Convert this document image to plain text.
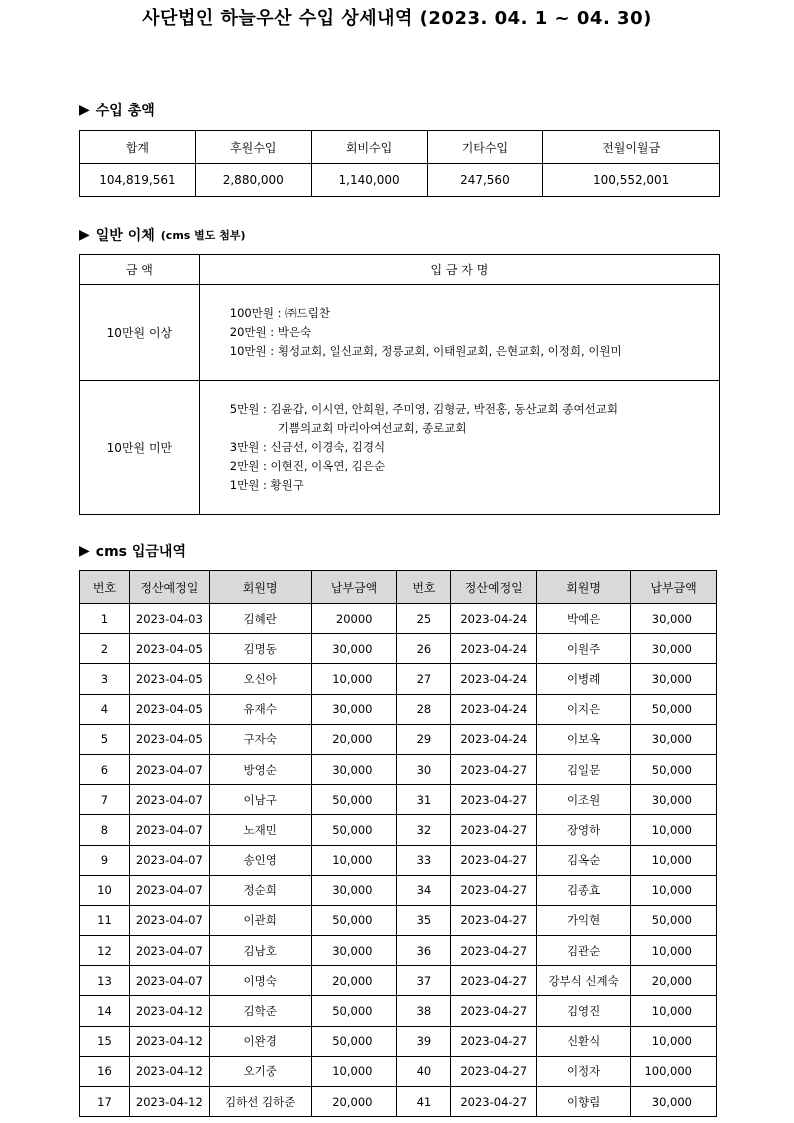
사단법인 하늘우산 수입 상세내역 (2023. 04. 1 ~ 04. 30)
▶ 수입 총액
합계	후원수입	회비수입	기타수입	전월이월금
104,819,561	2,880,000	1,140,000	247,560	100,552,001
▶ 일반 이체 (cms 별도 첨부)
금 액	입 금 자 명
10만원 이상	100만원 : ㈜드림찬
20만원 : 박은숙
10만원 : 횡성교회, 일신교회, 정릉교회, 이태원교회, 은현교회, 이정희, 이원미

10만원 미만	5만원 : 김윤갑, 이시연, 안희원, 주미영, 김형균, 박전홍, 동산교회 종여선교회
기쁨의교회 마리아여선교회, 종로교회
3만원 : 신금선, 이경숙, 김경식
2만원 : 이현진, 이옥연, 김은순
1만원 : 황원구
▶ cms 입금내역
번호	정산예정일	회원명	납부금액	번호	정산예정일	회원명	납부금액
1	2023-04-03	김혜란	20000	25	2023-04-24	박예은	30,000
2	2023-04-05	김명동	30,000	26	2023-04-24	이원주	30,000
3	2023-04-05	오신아	10,000	27	2023-04-24	이병례	30,000
4	2023-04-05	유재수	30,000	28	2023-04-24	이지은	50,000
5	2023-04-05	구자숙	20,000	29	2023-04-24	이보옥	30,000
6	2023-04-07	방영순	30,000	30	2023-04-27	김일문	50,000
7	2023-04-07	이남구	50,000	31	2023-04-27	이조원	30,000
8	2023-04-07	노재민	50,000	32	2023-04-27	장영하	10,000
9	2023-04-07	송인영	10,000	33	2023-04-27	김옥순	10,000
10	2023-04-07	정순희	30,000	34	2023-04-27	김종효	10,000
11	2023-04-07	이관희	50,000	35	2023-04-27	가익현	50,000
12	2023-04-07	김남호	30,000	36	2023-04-27	김관순	10,000
13	2023-04-07	이명숙	20,000	37	2023-04-27	강부식 신계숙	20,000
14	2023-04-12	김학준	50,000	38	2023-04-27	김영진	10,000
15	2023-04-12	이완경	50,000	39	2023-04-27	신환식	10,000
16	2023-04-12	오기중	10,000	40	2023-04-27	이정자	100,000
17	2023-04-12	김하선 김하준	20,000	41	2023-04-27	이향림	30,000
